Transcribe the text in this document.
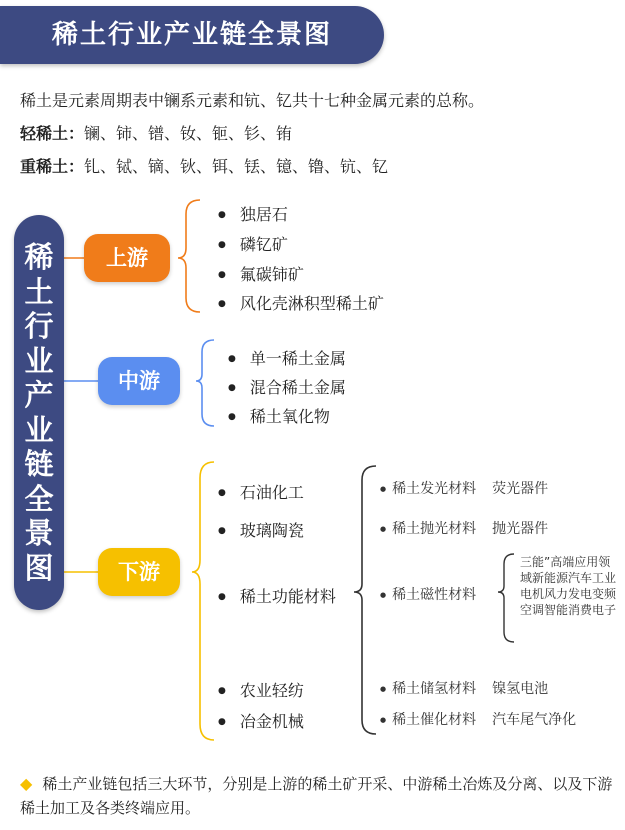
稀土行业产业链全景图
稀土是元素周期表中镧系元素和钪、钇共十七种金属元素的总称。
轻稀土：镧、铈、镨、钕、钷、钐、铕
重稀土：钆、铽、镝、钬、铒、铥、镱、镥、钪、钇
稀
土
行
业
产
业
链
全
景
图
上游
中游
下游
● 独居石
● 磷钇矿
● 氟碳铈矿
● 风化壳淋积型稀土矿
● 单一稀土金属
● 混合稀土金属
● 稀土氧化物
● 石油化工
● 玻璃陶瓷
● 稀土功能材料
● 农业轻纺
● 冶金机械
● 稀土发光材料 荧光器件
● 稀土抛光材料 抛光器件
● 稀土磁性材料
三能”高端应用领域新能源汽车工业电机风力发电变频空调智能消费电子
● 稀土储氢材料 镍氢电池
● 稀土催化材料 汽车尾气净化
◆ 稀土产业链包括三大环节，分别是上游的稀土矿开采、中游稀土冶炼及分离、以及下游稀土加工及各类终端应用。
